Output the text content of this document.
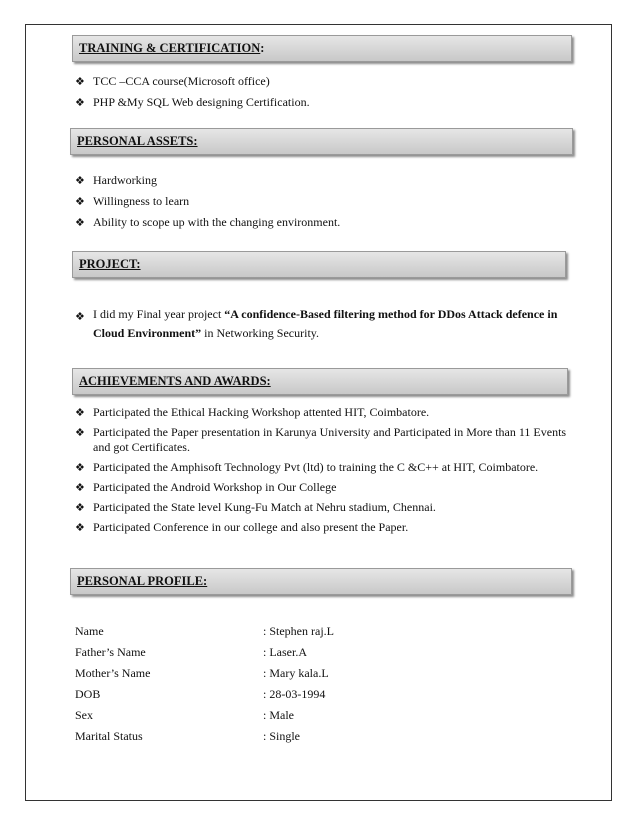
TRAINING & CERTIFICATION:
❖ TCC –CCA course(Microsoft office)
❖ PHP &My SQL Web designing Certification.
PERSONAL ASSETS:
❖ Hardworking
❖ Willingness to learn
❖ Ability to scope up with the changing environment.
PROJECT:
❖ I did my Final year project “A confidence-Based filtering method for DDos Attack defence in Cloud Environment” in Networking Security.
ACHIEVEMENTS AND AWARDS:
❖ Participated the Ethical Hacking Workshop attented HIT, Coimbatore.
❖ Participated the Paper presentation in Karunya University and Participated in More than 11 Events and got Certificates.
❖ Participated the Amphisoft Technology Pvt (ltd) to training the C &C++ at HIT, Coimbatore.
❖ Participated the Android Workshop in Our College
❖ Participated the State level Kung-Fu Match at Nehru stadium, Chennai.
❖ Participated Conference in our college and also present the Paper.
PERSONAL PROFILE:
Name	: Stephen raj.L
Father’s Name	: Laser.A
Mother’s Name	: Mary kala.L
DOB	: 28-03-1994
Sex	: Male
Marital Status	: Single
